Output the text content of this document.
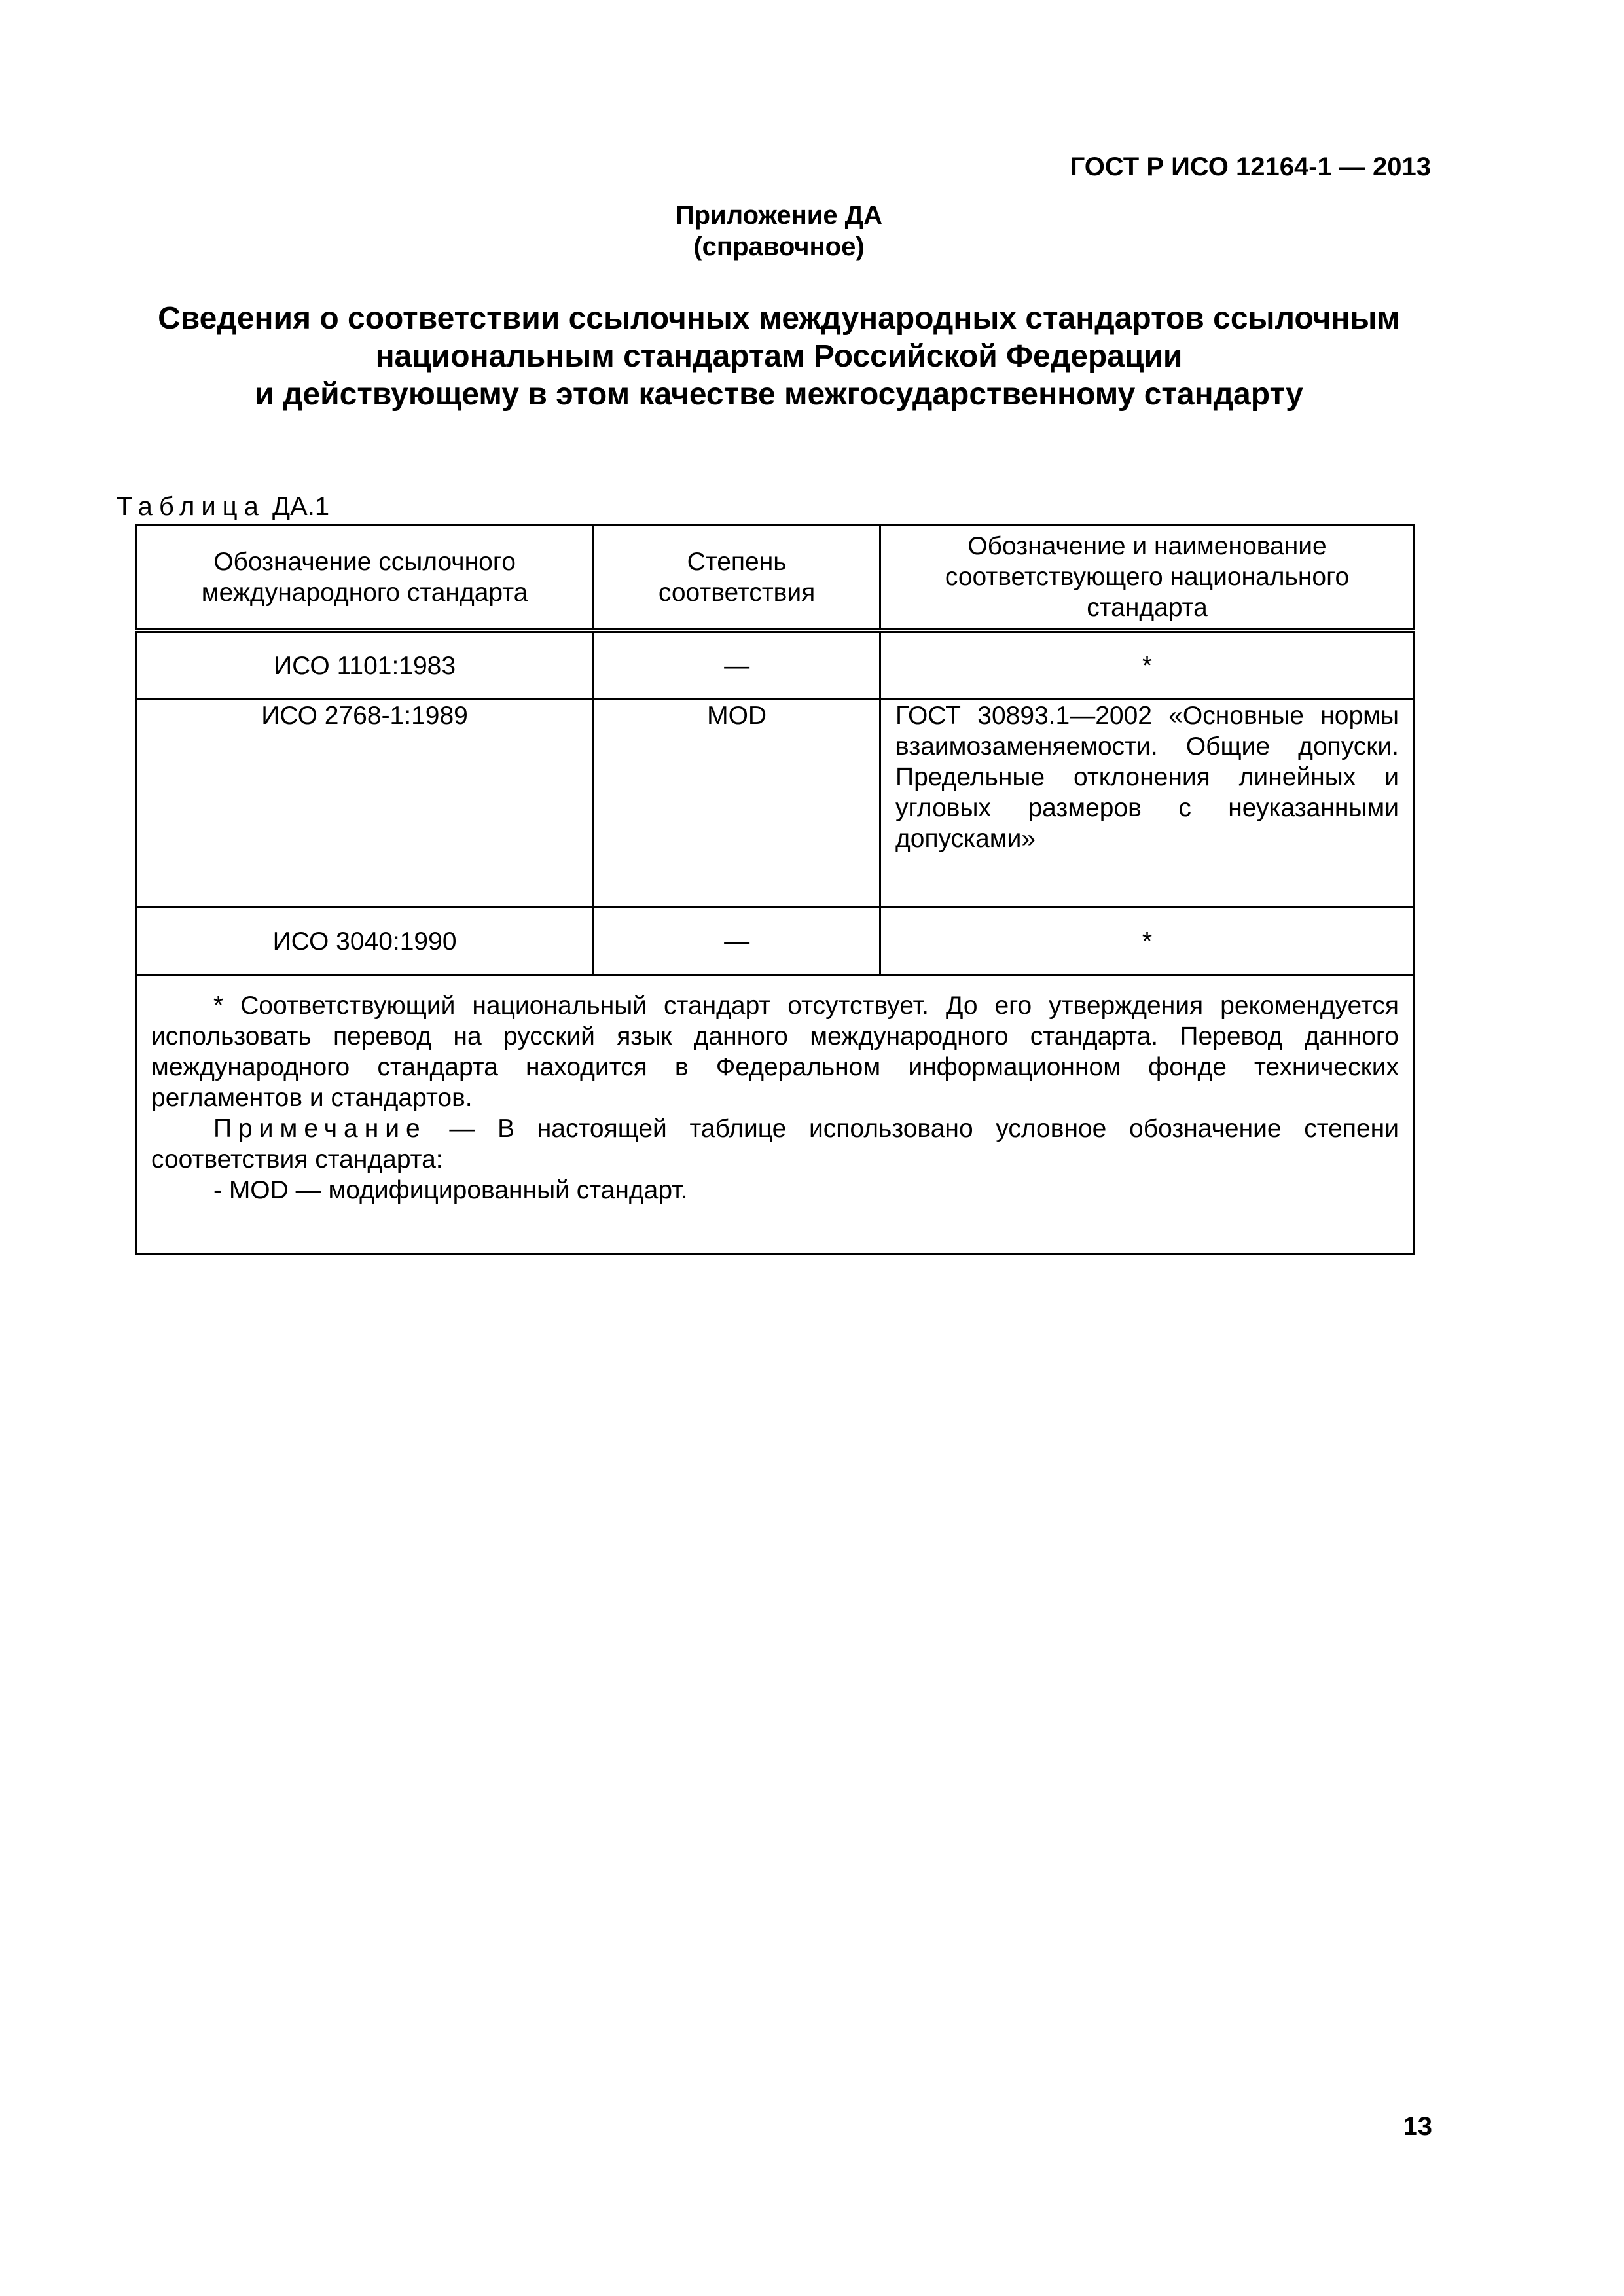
ГОСТ Р ИСО 12164-1 — 2013
Приложение ДА
(справочное)
Сведения о соответствии ссылочных международных стандартов ссылочным
национальным стандартам Российской Федерации
и действующему в этом качестве межгосударственному стандарту
Таблица ДА.1
Обозначение ссылочного международного стандарта	Степень соответствия	Обозначение и наименование соответствующего национального стандарта
ИСО 1101:1983	—	*
ИСО 2768-1:1989	MOD	ГОСТ 30893.1—2002 «Основные нормы взаимозаменяемости. Общие допуски. Предельные отклонения линейных и угловых размеров с неуказанными допусками»
ИСО 3040:1990	—	*

* Соответствующий национальный стандарт отсутствует. До его утверждения рекомендуется использовать перевод на русский язык данного международного стандарта. Перевод данного международного стандарта находится в Федеральном информационном фонде технических регламентов и стандартов.

Примечание — В настоящей таблице использовано условное обозначение степени соответствия стандарта:

- MOD — модифицированный стандарт.		

13
